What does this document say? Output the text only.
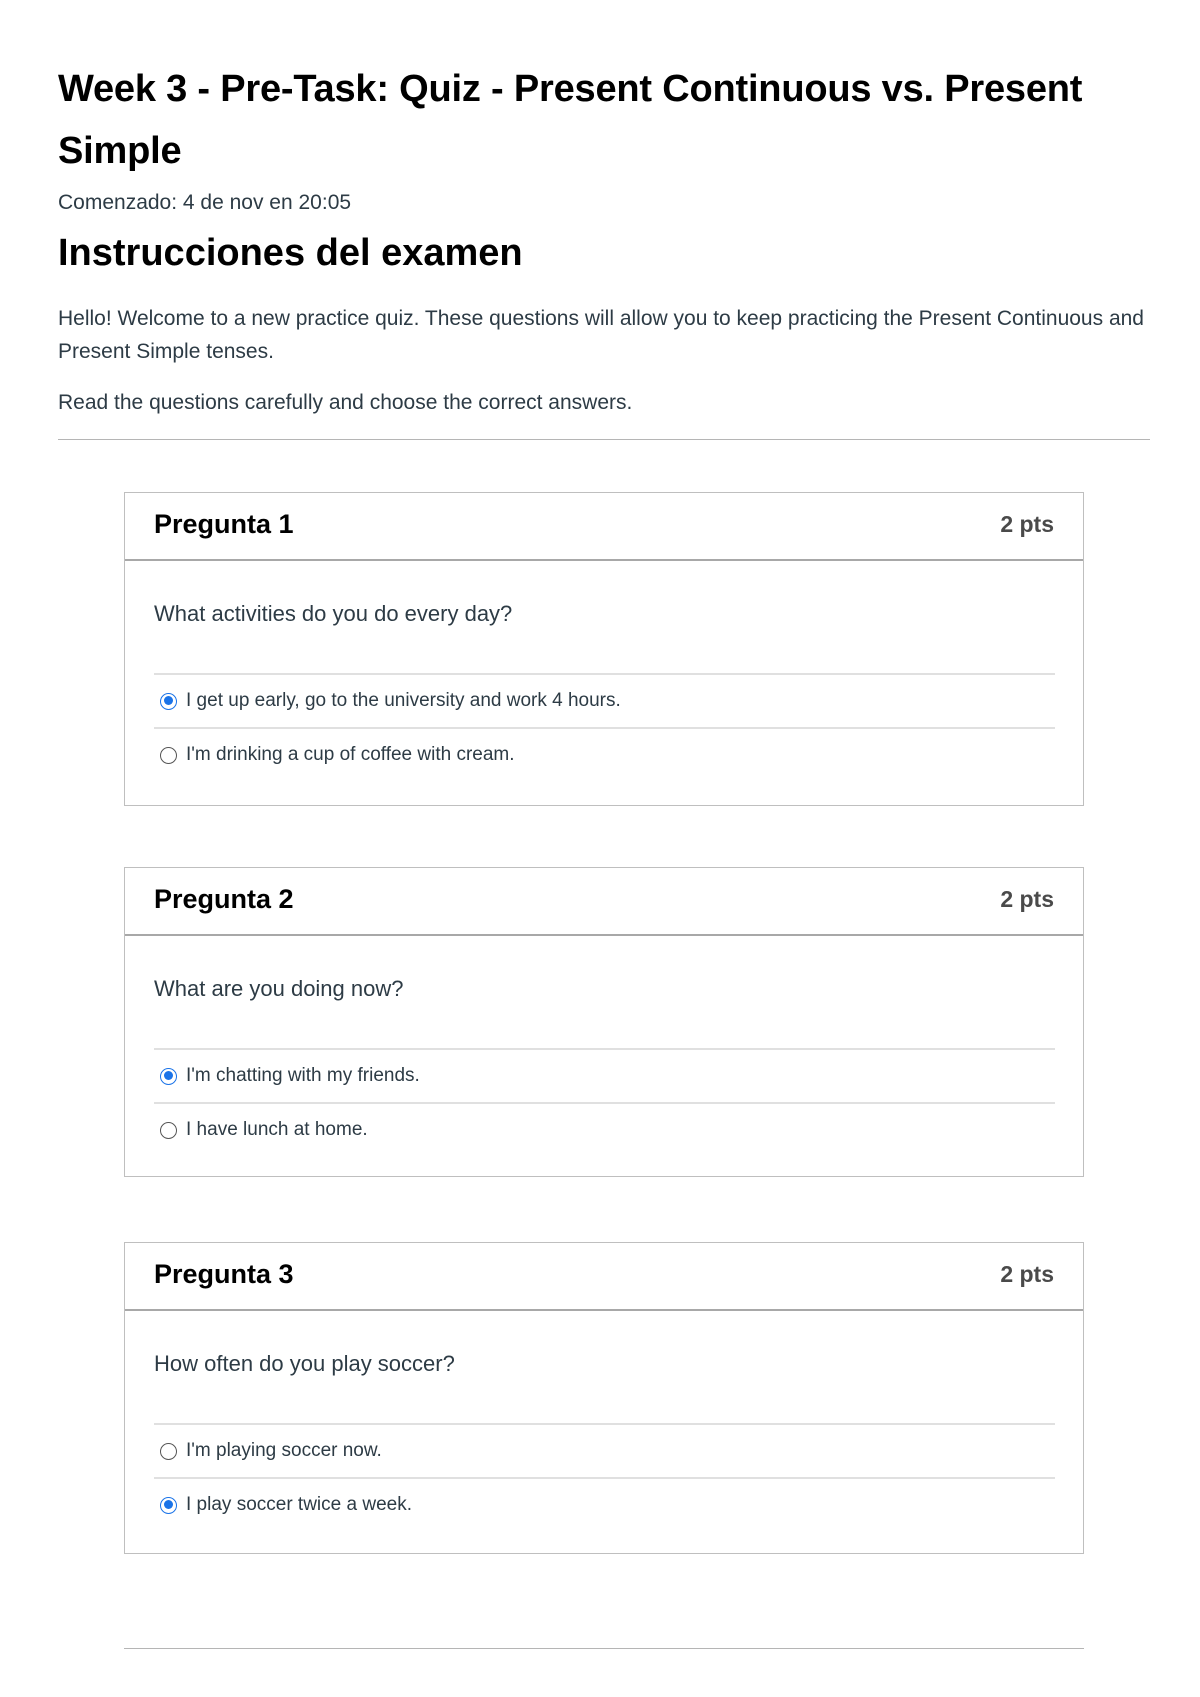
Week 3 - Pre-Task: Quiz - Present Continuous vs. Present Simple
Comenzado: 4 de nov en 20:05
Instrucciones del examen

Hello! Welcome to a new practice quiz. These questions will allow you to keep practicing the Present Continuous and Present Simple tenses.

Read the questions carefully and choose the correct answers.

Pregunta 1	2 pts
What activities do you do every day?
I get up early, go to the university and work 4 hours.
I'm drinking a cup of coffee with cream.
Pregunta 2	2 pts
What are you doing now?
I'm chatting with my friends.
I have lunch at home.
Pregunta 3	2 pts
How often do you play soccer?
I'm playing soccer now.
I play soccer twice a week.
